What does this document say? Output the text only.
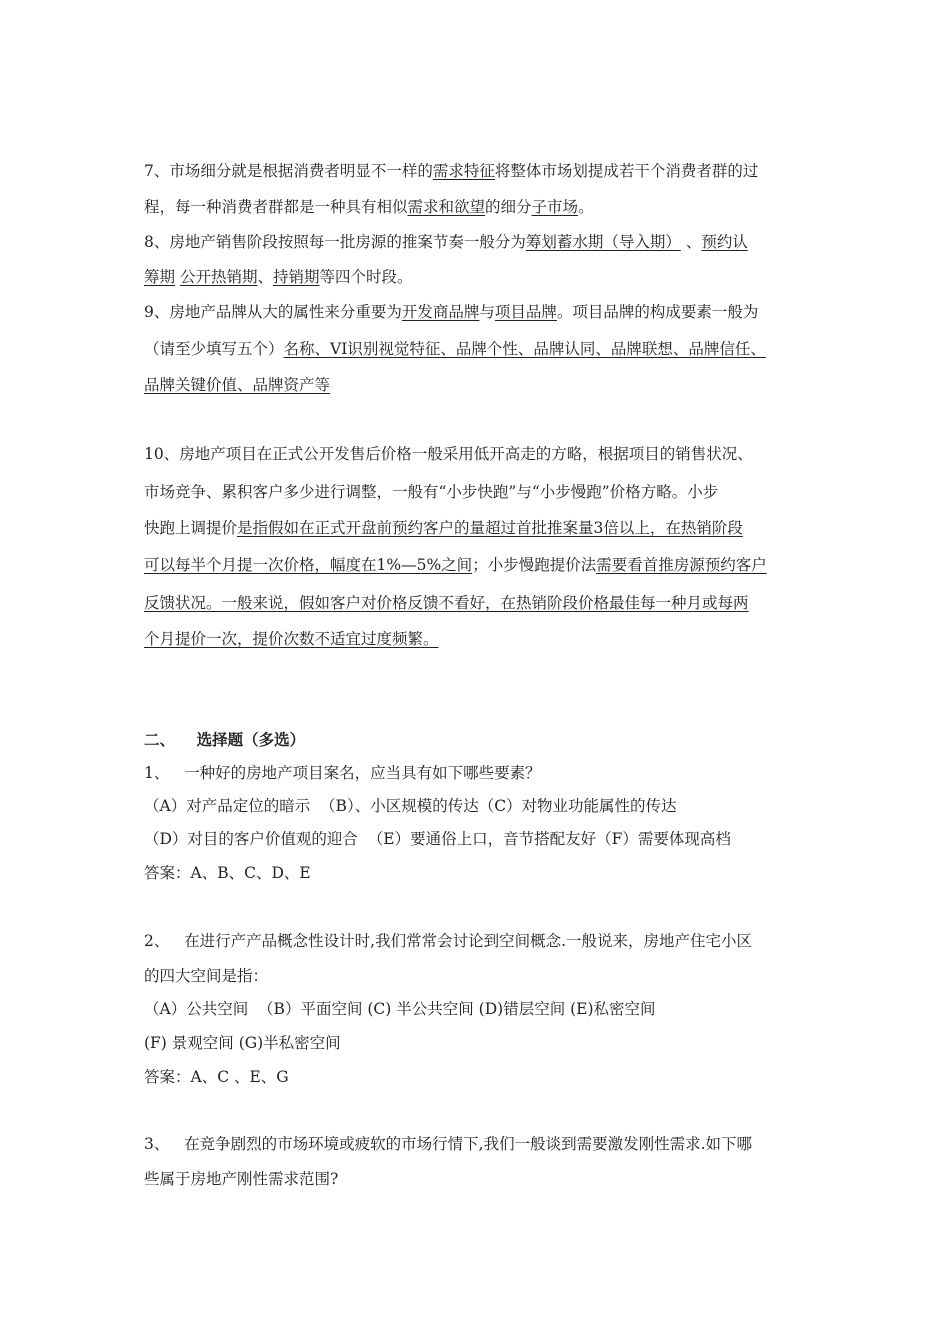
7、市场细分就是根据消费者明显不一样的需求特征将整体市场划提成若干个消费者群的过
程，每一种消费者群都是一种具有相似需求和欲望的细分子市场。
8、房地产销售阶段按照每一批房源的推案节奏一般分为筹划蓄水期（导入期） 、预约认
筹期 公开热销期、持销期等四个时段。
9、房地产品牌从大的属性来分重要为开发商品牌与项目品牌。项目品牌的构成要素一般为
（请至少填写五个）名称、VI识别视觉特征、品牌个性、品牌认同、品牌联想、品牌信任、
品牌关键价值、品牌资产等
10、房地产项目在正式公开发售后价格一般采用低开高走的方略，根据项目的销售状况、
市场竞争、累积客户多少进行调整，一般有“小步快跑”与“小步慢跑”价格方略。小步
快跑上调提价是指假如在正式开盘前预约客户的量超过首批推案量3倍以上，在热销阶段
可以每半个月提一次价格，幅度在1%—5%之间；小步慢跑提价法需要看首推房源预约客户
反馈状况。一般来说，假如客户对价格反馈不看好，在热销阶段价格最佳每一种月或每两
个月提价一次，提价次数不适宜过度频繁。
二、    选择题（多选）
1、   一种好的房地产项目案名，应当具有如下哪些要素？
（A）对产品定位的暗示  （B）、小区规模的传达（C）对物业功能属性的传达
（D）对目的客户价值观的迎合  （E）要通俗上口，音节搭配友好（F）需要体现高档
答案：A、B、C、D、E
2、   在进行产产品概念性设计时,我们常常会讨论到空间概念.一般说来，房地产住宅小区
的四大空间是指：
（A）公共空间  （B）平面空间 (C) 半公共空间 (D)错层空间 (E)私密空间
(F) 景观空间 (G)半私密空间
答案：A、C 、E、G
3、   在竞争剧烈的市场环境或疲软的市场行情下,我们一般谈到需要激发刚性需求.如下哪
些属于房地产刚性需求范围?
